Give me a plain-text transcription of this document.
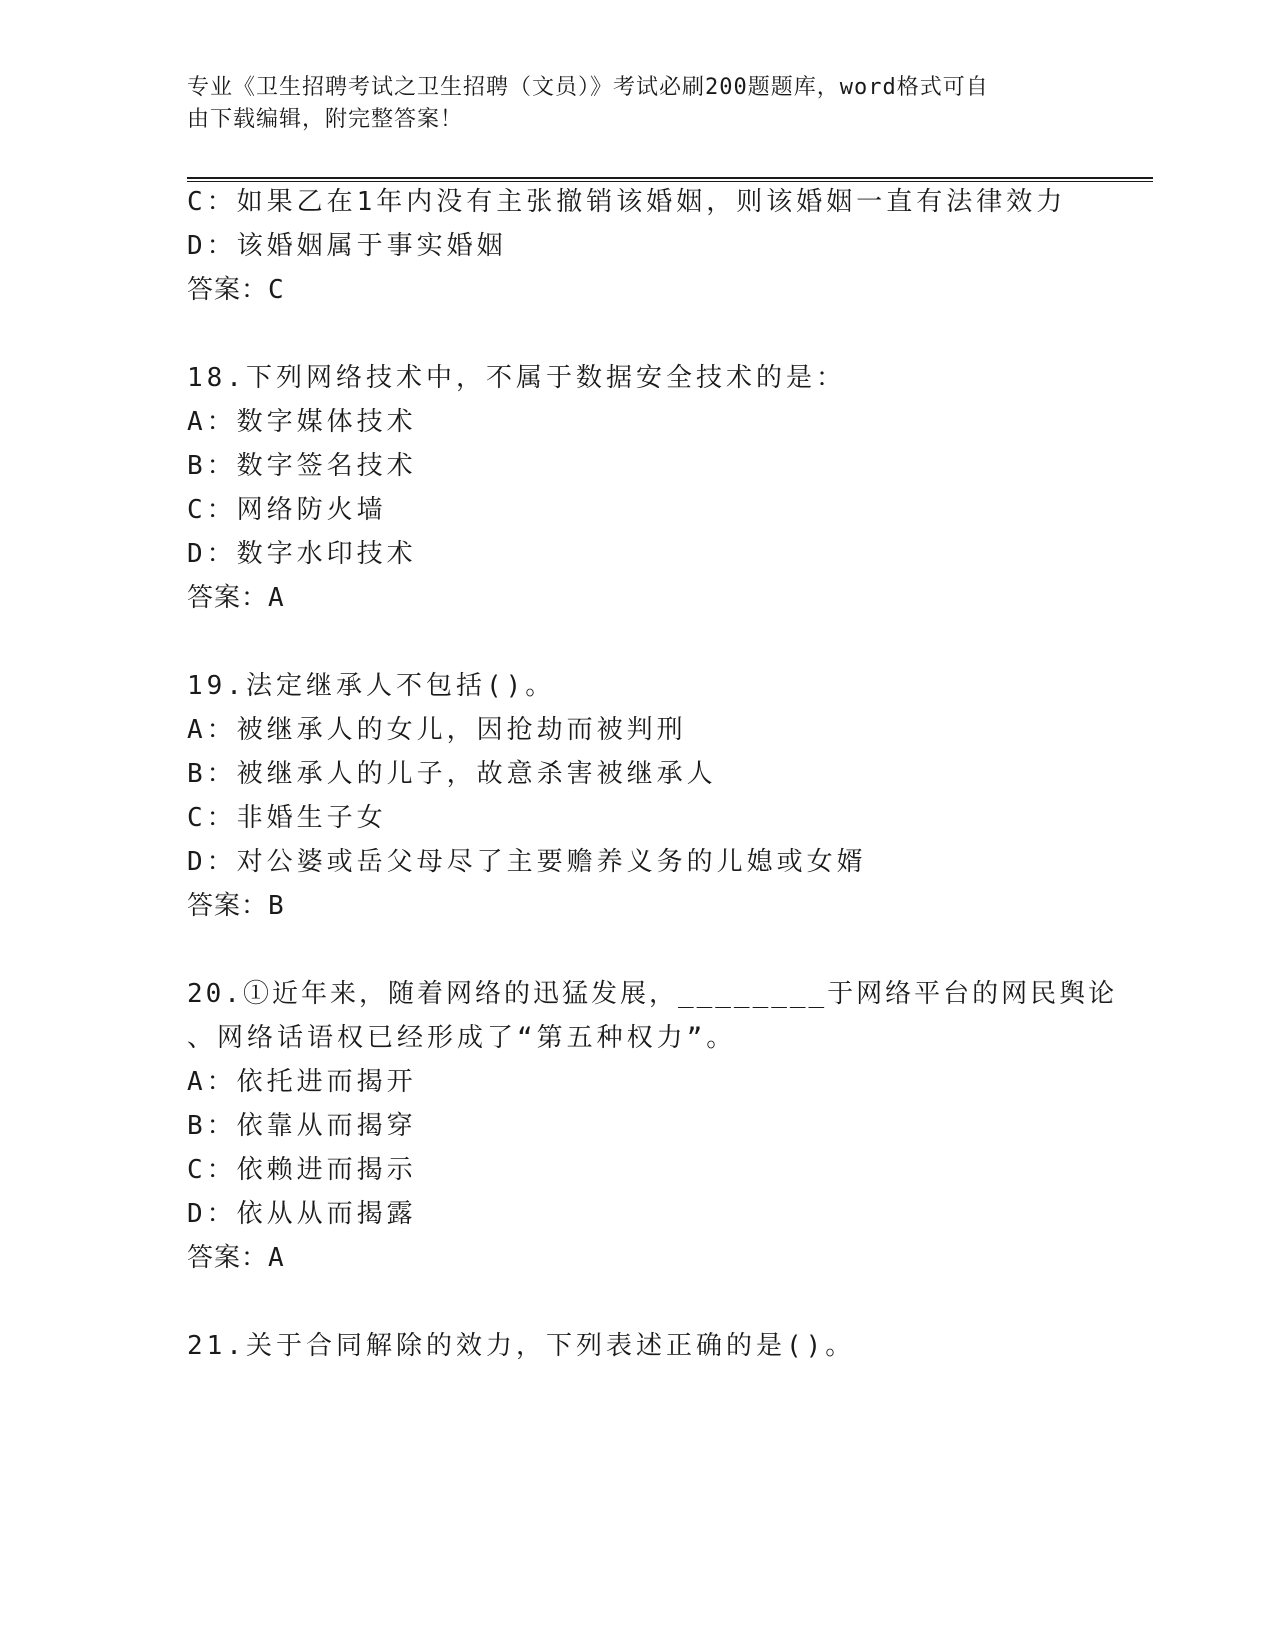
专业《卫生招聘考试之卫生招聘（文员）》考试必刷200题题库，word格式可自
由下载编辑，附完整答案！
C：如果乙在1年内没有主张撤销该婚姻，则该婚姻一直有法律效力
D：该婚姻属于事实婚姻
答案：C
18.下列网络技术中，不属于数据安全技术的是：
A：数字媒体技术
B：数字签名技术
C：网络防火墙
D：数字水印技术
答案：A
19.法定继承人不包括()。
A：被继承人的女儿，因抢劫而被判刑
B：被继承人的儿子，故意杀害被继承人
C：非婚生子女
D：对公婆或岳父母尽了主要赡养义务的儿媳或女婿
答案：B
20.①近年来，随着网络的迅猛发展，________于网络平台的网民舆论
、网络话语权已经形成了“第五种权力”。
A：依托进而揭开
B：依靠从而揭穿
C：依赖进而揭示
D：依从从而揭露
答案：A
21.关于合同解除的效力，下列表述正确的是()。
